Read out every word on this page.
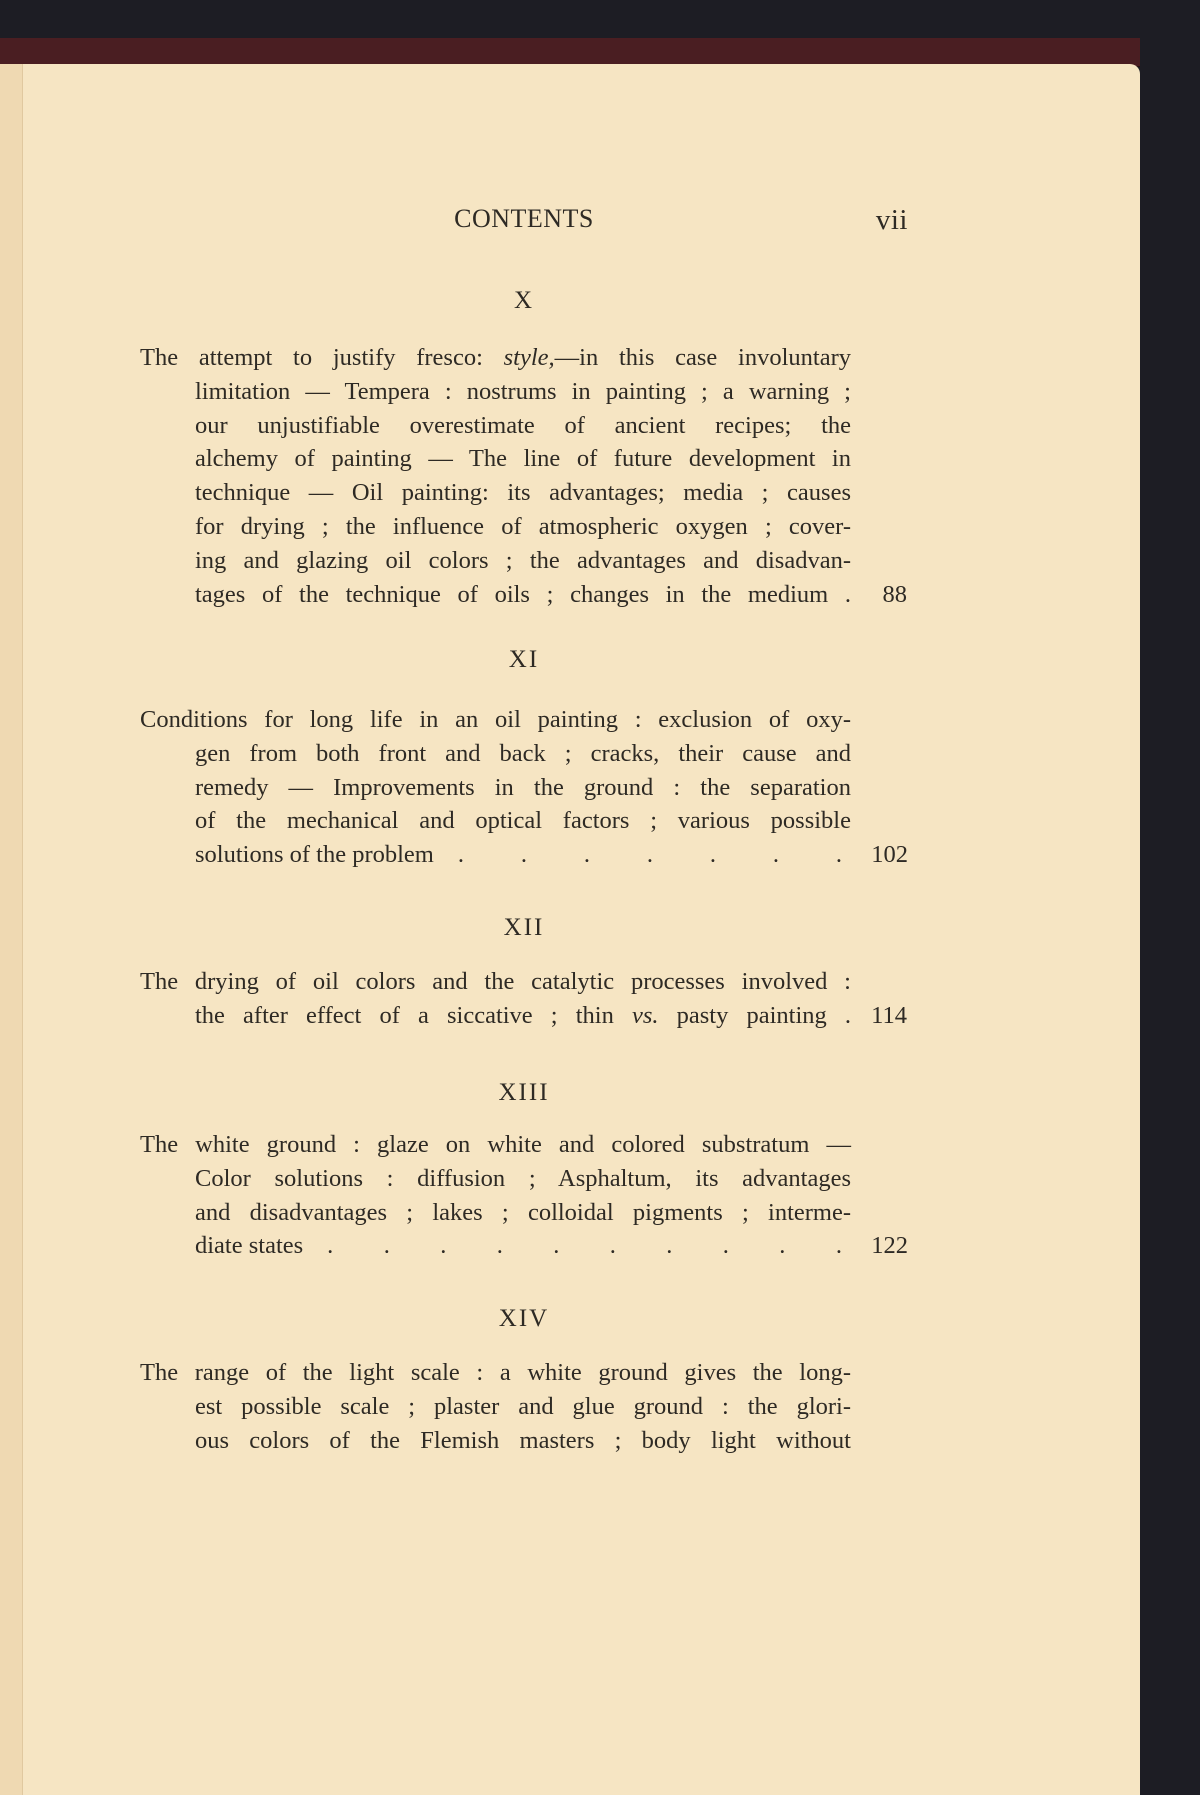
CONTENTS	vii
X
The attempt to justify fresco: style,—in this case involuntary
limitation — Tempera : nostrums in painting ; a warning ;
our unjustifiable overestimate of ancient recipes; the
alchemy of painting — The line of future development in
technique — Oil painting: its advantages; media ; causes
for drying ; the influence of atmospheric oxygen ; cover-
ing and glazing oil colors ; the advantages and disadvan-
tages of the technique of oils ; changes in the medium .	88
XI
Conditions for long life in an oil painting : exclusion of oxy-
gen from both front and back ; cracks, their cause and
remedy — Improvements in the ground : the separation
of the mechanical and optical factors ; various possible
solutions of the problem . . . . . . .	102
XII
The drying of oil colors and the catalytic processes involved :
the after effect of a siccative ; thin vs. pasty painting . 114
XIII
The white ground : glaze on white and colored substratum —
Color solutions : diffusion ; Asphaltum, its advantages
and disadvantages ; lakes ; colloidal pigments ; interme-
diate states . . . . . . . . . .	122
XIV
The range of the light scale : a white ground gives the long-
est possible scale ; plaster and glue ground : the glori-
ous colors of the Flemish masters ; body light without
